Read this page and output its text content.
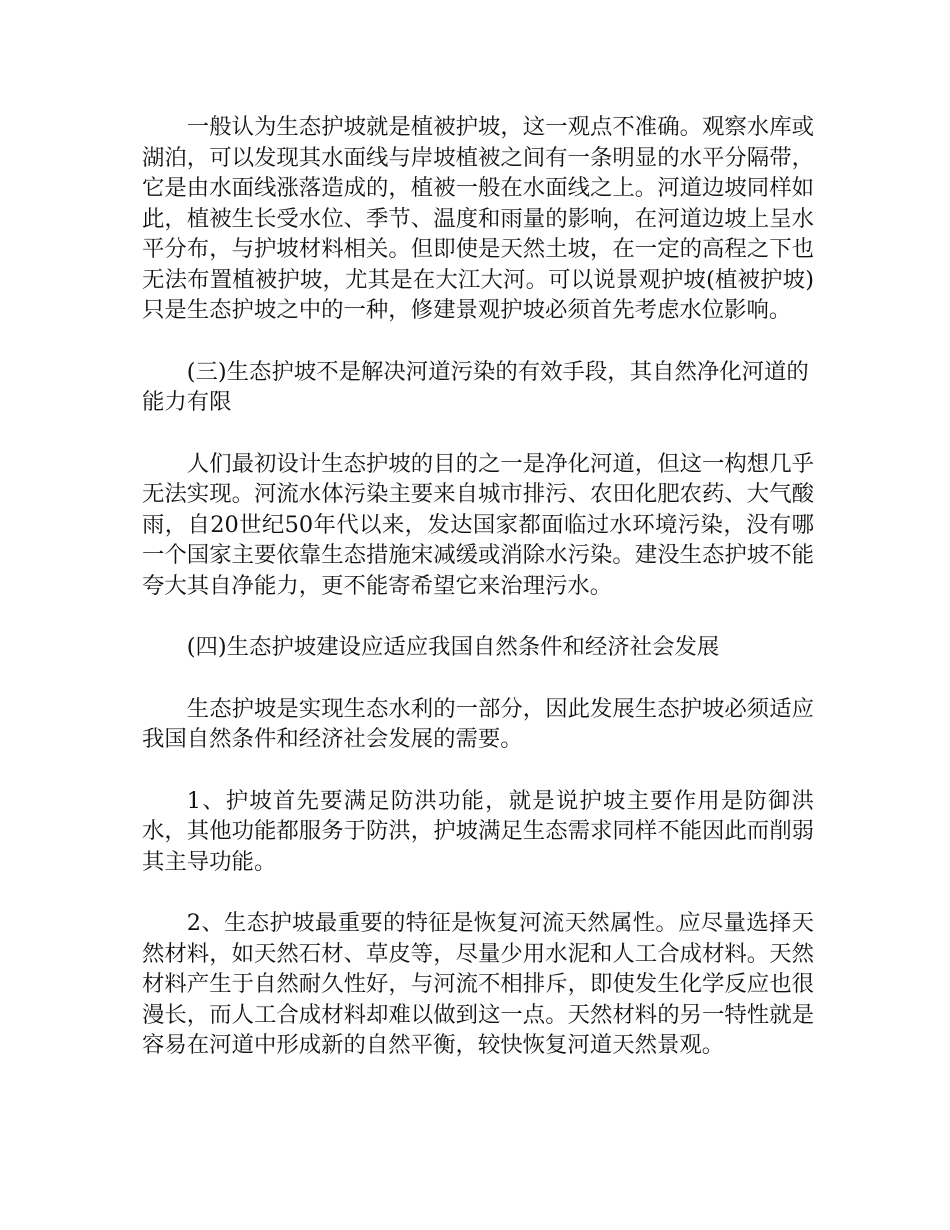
一般认为生态护坡就是植被护坡，这一观点不准确。观察水库或湖泊，可以发现其水面线与岸坡植被之间有一条明显的水平分隔带，它是由水面线涨落造成的，植被一般在水面线之上。河道边坡同样如此，植被生长受水位、季节、温度和雨量的影响，在河道边坡上呈水平分布，与护坡材料相关。但即使是天然土坡，在一定的高程之下也无法布置植被护坡，尤其是在大江大河。可以说景观护坡(植被护坡)只是生态护坡之中的一种，修建景观护坡必须首先考虑水位影响。

(三)生态护坡不是解决河道污染的有效手段，其自然净化河道的能力有限

人们最初设计生态护坡的目的之一是净化河道，但这一构想几乎无法实现。河流水体污染主要来自城市排污、农田化肥农药、大气酸雨，自20世纪50年代以来，发达国家都面临过水环境污染，没有哪一个国家主要依靠生态措施宋减缓或消除水污染。建没生态护坡不能夸大其自净能力，更不能寄希望它来治理污水。

(四)生态护坡建设应适应我国自然条件和经济社会发展

生态护坡是实现生态水利的一部分，因此发展生态护坡必须适应我国自然条件和经济社会发展的需要。

1、护坡首先要满足防洪功能，就是说护坡主要作用是防御洪水，其他功能都服务于防洪，护坡满足生态需求同样不能因此而削弱其主导功能。

2、生态护坡最重要的特征是恢复河流天然属性。应尽量选择天然材料，如天然石材、草皮等，尽量少用水泥和人工合成材料。天然材料产生于自然耐久性好，与河流不相排斥，即使发生化学反应也很漫长，而人工合成材料却难以做到这一点。天然材料的另一特性就是容易在河道中形成新的自然平衡，较快恢复河道天然景观。
